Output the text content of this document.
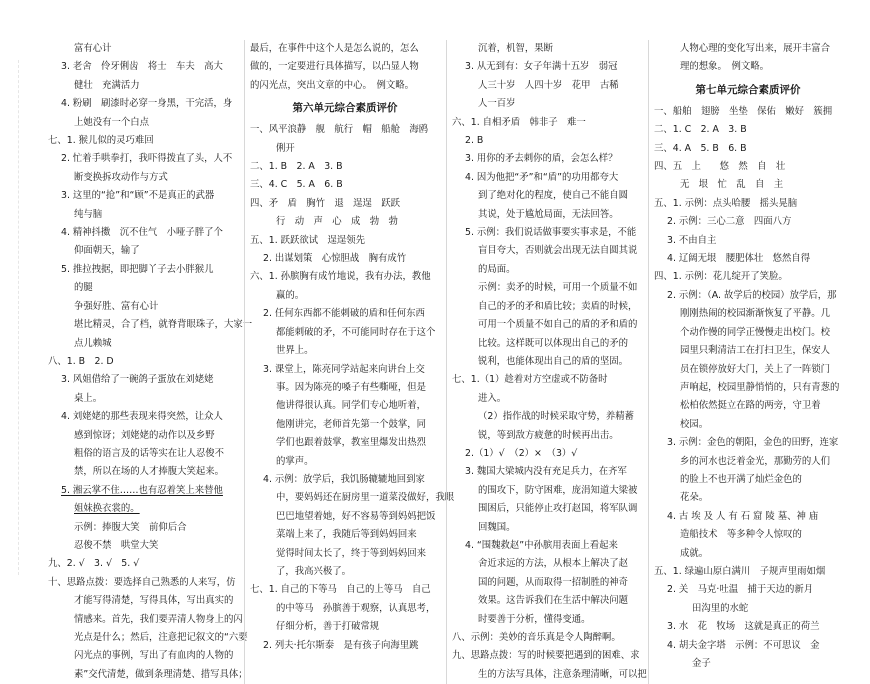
富有心计
3. 老舍　伶牙俐齿　将士　车夫　高大
健壮　充满活力
4. 粉刷　刷漆时必穿一身黑，干完活，身
上她没有一个白点
七、1. 猴儿似的灵巧难回
2. 忙着手哄拳打，我吓得拨直了头，人不
断变换拆攻动作与方式
3. 这里的“抢”和“顾”不是真正的武器
纯与脑
4. 精神抖擞　沉不住气　小哑子胖了个
仰面朝天，输了
5. 推拉拽据，即把脚丫子去小胖猴儿
的腿
争强好胜、富有心计
堪比精灵，合了档，就脊背眼珠子，大家一
点儿赖城
八、1. B　2. D
3. 风姐借给了一碗鸽子蛋放在刘姥姥
桌上。
4. 刘姥姥的那些表现来得突然，让众人
感到惊讶；刘姥姥的动作以及乡野
粗俗的语言及的话等实在让人忍俊不
禁，所以在场的人才捧腹大笑起来。
5. 湘云掌不住……也有忍着笑上来替他
姐妹换衣裳的。
示例：捧腹大笑　前仰后合
忍俊不禁　哄堂大笑
九、2. √　3. √　5. √
十、思路点拨：要选择自己熟悉的人来写，仿
才能写得清楚，写得具体，写出真实的
情感来。首先，我们要弄清人物身上的闪
光点是什么；然后，注意把记叙文的“六要
闪光点的事例，写出了有血肉的人物的
素”交代清楚，做到条理清楚、措写具体；
最后，在事件中这个人是怎么说的，怎么
做的，一定要进行具体描写，以凸显人物
的闪光点，突出文章的中心。　例文略。
第六单元综合素质评价
一、风平浪静　舰　航行　帽　船舱　海鸥
俐开
二、1. B　2. A　3. B
三、4. C　5. A　6. B
四、矛　盾　胸竹　退　逞逞　跃跃
行　动　声　心　成　勃　勃
五、1. 跃跃欲试　逞逞领先
2. 出谋划策　心惊胆战　胸有成竹
六、1. 孙膑胸有成竹地说，我有办法，教他
赢的。
2. 任何东西都不能刺破的盾和任何东西
都能刺破的矛，不可能同时存在于这个
世界上。
3. 课堂上，陈亮同学站起来向讲台上交
事。因为陈亮的嗓子有些嘶哑，但是
他讲得很认真。同学们专心地听着，
他刚讲完，老师首先第一个鼓掌，同
学们也跟着鼓掌，教室里爆发出热烈
的掌声。
4. 示例：放学后，我饥肠辘辘地回到家
中，要妈妈还在厨房里一道菜没做好，我眼
巴巴地望着她，好不容易等到妈妈把饭
菜端上来了，我随后等到妈妈回来
觉得时间太长了，终于等到妈妈回来
了，我高兴极了。
七、1. 自己的下等马　自己的上等马　自己
的中等马　孙膑善于观察，认真思考，
仔细分析，善于打破常规
2. 列夫·托尔斯泰　是有孩子向海里跳
沉着，机智，果断
3. 从无到有：女子年满十五岁　弱冠
人三十岁　人四十岁　花甲　古稀
人一百岁
六、1. 自相矛盾　韩非子　难一
2. B
3. 用你的矛去刺你的盾，会怎么样？
4. 因为他把“矛”和“盾”的功用都夸大
到了绝对化的程度，使自己不能自圆
其说，处于尴尬局面，无法回答。
5. 示例：我们说话做事要实事求是，不能
盲目夸大，否则就会出现无法自圆其说
的局面。
示例：卖矛的时候，可用一个质量不如
自己的矛的矛和盾比较；卖盾的时候，
可用一个质量不如自己的盾的矛和盾的
比较。这样既可以体现出自己的矛的
锐利，也能体现出自己的盾的坚固。
七、1.（1）趁着对方空虚或不防备时
进入。
（2）指作战的时候采取守势，养精蓄
锐，等到敌方疲惫的时候再出击。
2.（1）√　（2）×　（3）√
3. 魏国大梁城内没有充足兵力，在齐军
的围攻下，防守困难，庞涓知道大梁被
围困后，只能停止攻打赵国，将军队调
回魏国。
4. “围魏救赵”中孙膑用表面上看起来
舍近求远的方法，从根本上解决了赵
国的问题，从而取得一招制胜的神奇
效果。这告诉我们在生活中解决问题
时要善于分析，懂得变通。
八、示例：美妙的音乐真是令人陶醉啊。
九、思路点拨：写的时候要把遇到的困难、求
生的方法写具体，注意条理清晰，可以把
人物心理的变化写出来，展开丰富合
理的想象。　例文略。
第七单元综合素质评价
一、船舶　翅膀　坐垫　保佑　嫩好　簇拥
二、1. C　2. A　3. B
三、4. A　5. B　6. B
四、五　上　　悠　然　自　壮
无　垠　忙　乱　自　主
五、1. 示例：点头哈腰　摇头晃脑
2. 示例：三心二意　四面八方
3. 不由自主
4. 辽阔无垠　腰肥体壮　悠然自得
四、1. 示例：花儿绽开了笑脸。
2. 示例：（A. 故学后的校园）放学后，那
刚刚热闹的校园渐渐恢复了平静。几
个动作慢的同学正慢慢走出校门。校
园里只剩清洁工在打扫卫生，保安人
员在锁停放好大门，关上了一阵锁门
声响起，校园里静悄悄的，只有青葱的
松柏依然挺立在路的两旁，守卫着
校园。
3. 示例：金色的朝阳，金色的田野，连家
乡的河水也泛着金光，那勤劳的人们
的脸上不也开满了灿烂金色的
花朵。
4. 古 埃 及 人 有 石 窟 陵 墓、神 庙
造船技术　等多种令人惊叹的
成就。
五、1. 绿遍山原白满川　子规声里雨如烟
2. 关　马克·吐温　捕于天边的新月
田沟里的水蛇
3. 水　花　牧场　这就是真正的荷兰
4. 胡夫金字塔　示例：不可思议　金
金子
